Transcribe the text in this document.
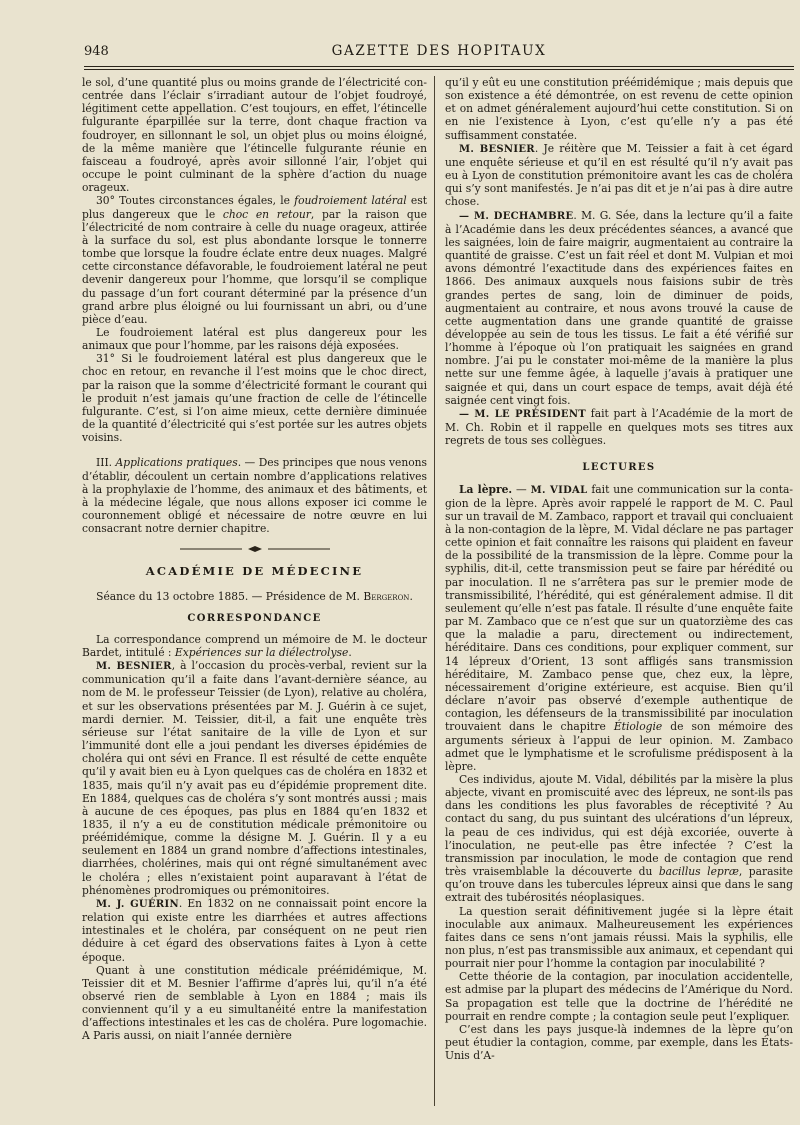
948	GAZETTE DES HOPITAUX

le sol, d’une quantité plus ou moins grande de l’électricité concentrée dans l’éclair s’irradiant autour de l’objet foudroyé, légitiment cette appellation. C’est toujours, en effet, l’étincelle fulgurante éparpillée sur la terre, dont chaque fraction va foudroyer, en sillonnant le sol, un objet plus ou moins éloigné, de la même manière que l’étincelle fulgurante réunie en faisceau a foudroyé, après avoir sillonné l’air, l’objet qui occupe le point culminant de la sphère d’action du nuage orageux.

30° Toutes circonstances égales, le foudroiement latéral est plus dangereux que le choc en retour, par la raison que l’électricité de nom contraire à celle du nuage orageux, attirée à la surface du sol, est plus abondante lorsque le tonnerre tombe que lorsque la foudre éclate entre deux nuages. Malgré cette circonstance défavorable, le foudroiement latéral ne peut devenir dangereux pour l’homme, que lorsqu’il se complique du passage d’un fort courant déterminé par la présence d’un grand arbre plus éloigné ou lui fournissant un abri, ou d’une pièce d’eau.

Le foudroiement latéral est plus dangereux pour les animaux que pour l’homme, par les raisons déjà exposées.

31° Si le foudroiement latéral est plus dangereux que le choc en retour, en revanche il l’est moins que le choc direct, par la raison que la somme d’électricité formant le courant qui le produit n’est jamais qu’une fraction de celle de l’étincelle fulgurante. C’est, si l’on aime mieux, cette dernière diminuée de la quantité d’électricité qui s’est portée sur les autres objets voisins.

III. Applications pratiques. — Des principes que nous venons d’établir, découlent un certain nombre d’applications relatives à la prophylaxie de l’homme, des animaux et des bâtiments, et à la médecine légale, que nous allons exposer ici comme le couronnement obligé et nécessaire de notre œuvre en lui consacrant notre dernier chapitre.

ACADÉMIE DE MÉDECINE

Séance du 13 octobre 1885. — Présidence de M. Bergeron.

CORRESPONDANCE

La correspondance comprend un mémoire de M. le docteur Bardet, intitulé : Expériences sur la diélectrolyse.

M. BESNIER, à l’occasion du procès-verbal, revient sur la communication qu’il a faite dans l’avant-dernière séance, au nom de M. le professeur Teissier (de Lyon), relative au choléra, et sur les observations présentées par M. J. Guérin à ce sujet, mardi dernier. M. Teissier, dit-il, a fait une enquête très sérieuse sur l’état sanitaire de la ville de Lyon et sur l’immunité dont elle a joui pendant les diverses épidémies de choléra qui ont sévi en France. Il est résulté de cette enquête qu’il y avait bien eu à Lyon quelques cas de choléra en 1832 et 1835, mais qu’il n’y avait pas eu d’épidémie proprement dite. En 1884, quelques cas de choléra s’y sont montrés aussi ; mais à aucune de ces époques, pas plus en 1884 qu’en 1832 et 1835, il n’y a eu de constitution médicale prémonitoire ou prééпidémique, comme la désigne M. J. Guérin. Il y a eu seulement en 1884 un grand nombre d’affections intestinales, diarrhées, cholérines, mais qui ont régné simultanément avec le choléra ; elles n’existaient point auparavant à l’état de phénomènes prodromiques ou prémonitoires.

M. J. GUÉRIN. En 1832 on ne connaissait point encore la relation qui existe entre les diarrhées et autres affections intestinales et le choléra, par conséquent on ne peut rien déduire à cet égard des observations faites à Lyon à cette époque.

Quant à une constitution médicale prééпidémique, M. Teissier dit et M. Besnier l’affirme d’après lui, qu’il n’a été observé rien de semblable à Lyon en 1884 ; mais ils conviennent qu’il y a eu simultanéité entre la manifestation d’affections intestinales et les cas de choléra. Pure logomachie. A Paris aussi, on niait l’année dernière

qu’il y eût eu une constitution prééпidémique ; mais depuis que son existence a été démontrée, on est revenu de cette opinion et on admet généralement aujourd’hui cette constitution. Si on en nie l’existence à Lyon, c’est qu’elle n’y a pas été suffisamment constatée.

M. BESNIER. Je réitère que M. Teissier a fait à cet égard une enquête sérieuse et qu’il en est résulté qu’il n’y avait pas eu à Lyon de constitution prémonitoire avant les cas de choléra qui s’y sont manifestés. Je n’ai pas dit et je n’ai pas à dire autre chose.

— M. DECHAMBRE. M. G. Sée, dans la lecture qu’il a faite à l’Académie dans les deux précédentes séances, a avancé que les saignées, loin de faire maigrir, augmentaient au contraire la quantité de graisse. C’est un fait réel et dont M. Vulpian et moi avons démontré l’exactitude dans des expériences faites en 1866. Des animaux auxquels nous faisions subir de très grandes pertes de sang, loin de diminuer de poids, augmentaient au contraire, et nous avons trouvé la cause de cette augmentation dans une grande quantité de graisse développée au sein de tous les tissus. Le fait a été vérifié sur l’homme à l’époque où l’on pratiquait les saignées en grand nombre. J’ai pu le constater moi-même de la manière la plus nette sur une femme âgée, à laquelle j’avais à pratiquer une saignée et qui, dans un court espace de temps, avait déjà été saignée cent vingt fois.

— M. LE PRÉSIDENT fait part à l’Académie de la mort de M. Ch. Robin et il rappelle en quelques mots ses titres aux regrets de tous ses collègues.

LECTURES

La lèpre. — M. VIDAL fait une communication sur la contagion de la lèpre. Après avoir rappelé le rapport de M. C. Paul sur un travail de M. Zambaco, rapport et travail qui concluaient à la non-contagion de la lèpre, M. Vidal déclare ne pas partager cette opinion et fait connaître les raisons qui plaident en faveur de la possibilité de la transmission de la lèpre. Comme pour la syphilis, dit-il, cette transmission peut se faire par hérédité ou par inoculation. Il ne s’arrêtera pas sur le premier mode de transmissibilité, l’hérédité, qui est généralement admise. Il dit seulement qu’elle n’est pas fatale. Il résulte d’une enquête faite par M. Zambaco que ce n’est que sur un quatorzième des cas que la maladie a paru, directement ou indirectement, héréditaire. Dans ces conditions, pour expliquer comment, sur 14 lépreux d’Orient, 13 sont affligés sans transmission héréditaire, M. Zambaco pense que, chez eux, la lèpre, nécessairement d’origine extérieure, est acquise. Bien qu’il déclare n’avoir pas observé d’exemple authentique de contagion, les défenseurs de la transmissibilité par inoculation trouvaient dans le chapitre Étiologie de son mémoire des arguments sérieux à l’appui de leur opinion. M. Zambaco admet que le lymphatisme et le scrofulisme prédisposent à la lèpre.

Ces individus, ajoute M. Vidal, débilités par la misère la plus abjecte, vivant en promiscuité avec des lépreux, ne sont-ils pas dans les conditions les plus favorables de réceptivité ? Au contact du sang, du pus suintant des ulcérations d’un lépreux, la peau de ces individus, qui est déjà excoriée, ouverte à l’inoculation, ne peut-elle pas être infectée ? C’est la transmission par inoculation, le mode de contagion que rend très vraisemblable la découverte du bacillus lepræ, parasite qu’on trouve dans les tubercules lépreux ainsi que dans le sang extrait des tubérosités néoplasiques.

La question serait définitivement jugée si la lèpre était inoculable aux animaux. Malheureusement les expériences faites dans ce sens n’ont jamais réussi. Mais la syphilis, elle non plus, n’est pas transmissible aux animaux, et cependant qui pourrait nier pour l’homme la contagion par inoculabilité ?

Cette théorie de la contagion, par inoculation accidentelle, est admise par la plupart des médecins de l’Amérique du Nord. Sa propagation est telle que la doctrine de l’hérédité ne pourrait en rendre compte ; la contagion seule peut l’expliquer.

C’est dans les pays jusque-là indemnes de la lèpre qu’on peut étudier la contagion, comme, par exemple, dans les États-Unis d’A-
